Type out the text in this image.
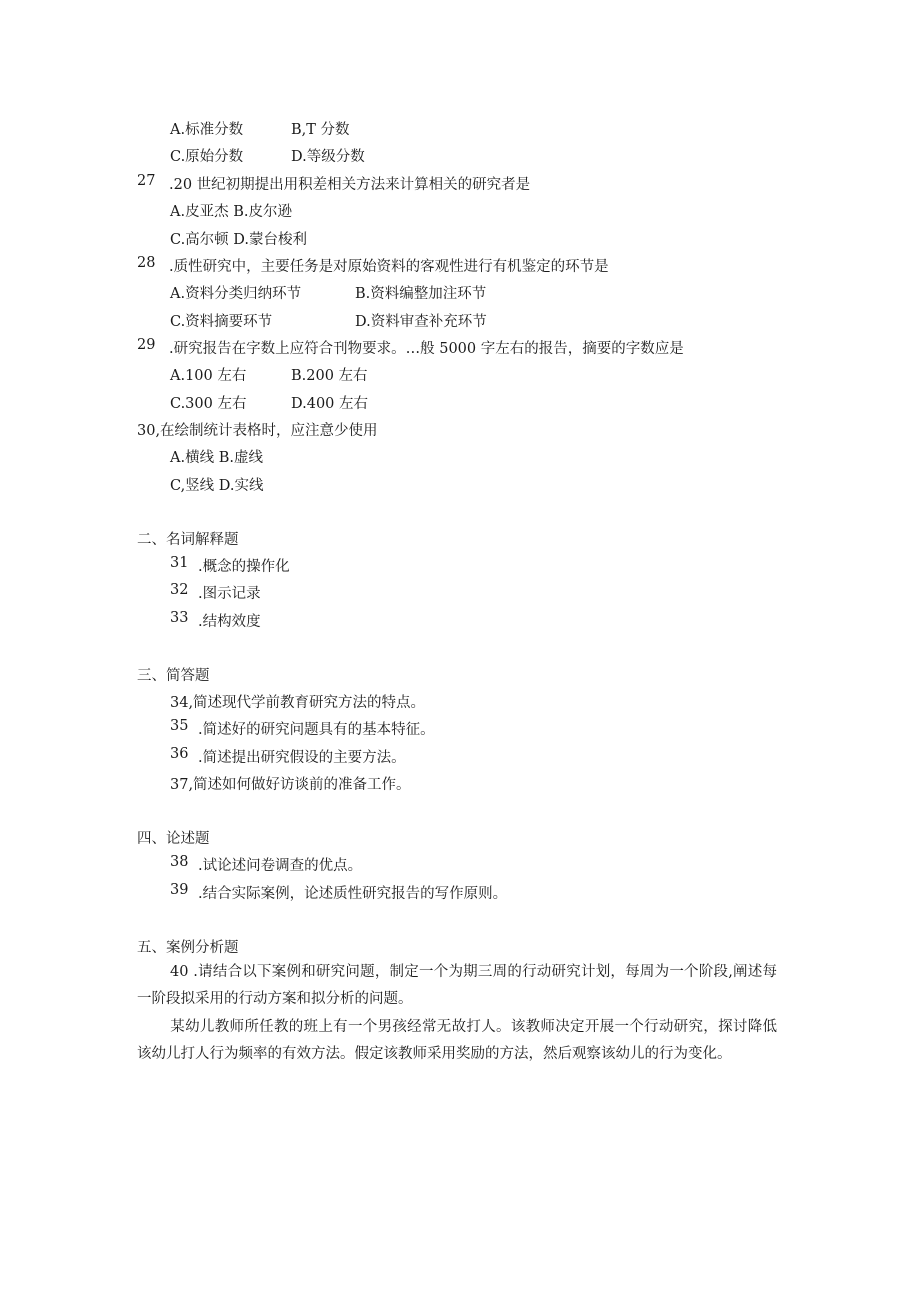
A.标准分数	B,T 分数
C.原始分数	D.等级分数
27 .20 世纪初期提出用积差相关方法来计算相关的研究者是
A.皮亚杰 B.皮尔逊
C.高尔顿 D.蒙台梭利
28 .质性研究中，主要任务是对原始资料的客观性进行有机鉴定的环节是
A.资料分类归纳环节	B.资料编整加注环节
C.资料摘要环节	D.资料审查补充环节
29 .研究报告在字数上应符合刊物要求。…般 5000 字左右的报告，摘要的字数应是
A.100 左右	B.200 左右
C.300 左右	D.400 左右
30,在绘制统计表格时，应注意少使用
A.横线 B.虚线
C,竖线 D.实线
二、名词解释题
31 .概念的操作化
32 .图示记录
33 .结构效度
三、简答题
34,简述现代学前教育研究方法的特点。
35 .简述好的研究问题具有的基本特征。
36 .简述提出研究假设的主要方法。
37,简述如何做好访谈前的准备工作。
四、论述题
38 .试论述问卷调查的优点。
39 .结合实际案例，论述质性研究报告的写作原则。
五、案例分析题
40 .请结合以下案例和研究问题，制定一个为期三周的行动研究计划，每周为一个阶段,阐述每一阶段拟采用的行动方案和拟分析的问题。
某幼儿教师所任教的班上有一个男孩经常无故打人。该教师决定开展一个行动研究，探讨降低该幼儿打人行为频率的有效方法。假定该教师采用奖励的方法，然后观察该幼儿的行为变化。
